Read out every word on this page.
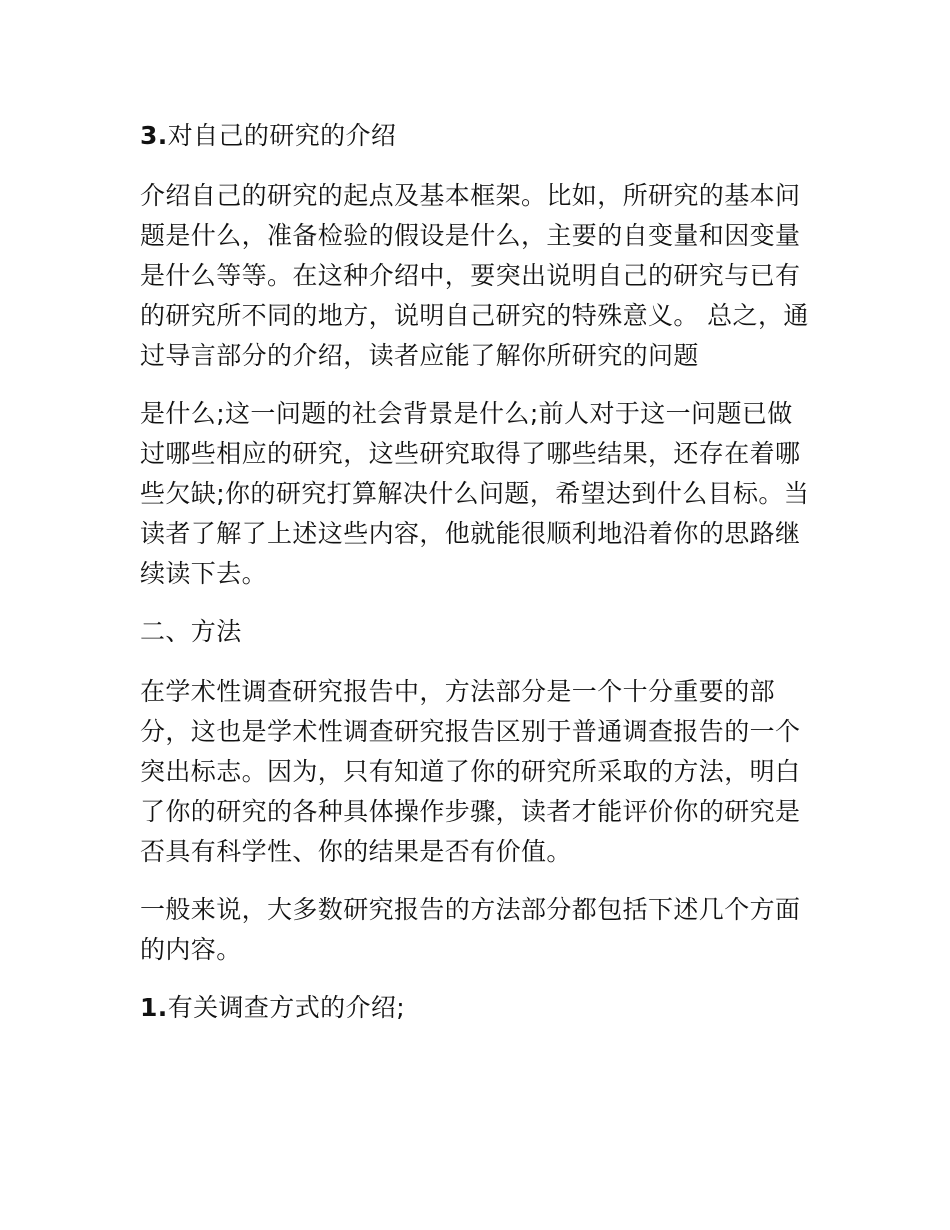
3.对自己的研究的介绍

介绍自己的研究的起点及基本框架。比如，所研究的基本问题是什么，准备检验的假设是什么，主要的自变量和因变量是什么等等。在这种介绍中，要突出说明自己的研究与已有的研究所不同的地方，说明自己研究的特殊意义。 总之，通过导言部分的介绍，读者应能了解你所研究的问题

是什么;这一问题的社会背景是什么;前人对于这一问题已做过哪些相应的研究，这些研究取得了哪些结果，还存在着哪些欠缺;你的研究打算解决什么问题，希望达到什么目标。当读者了解了上述这些内容，他就能很顺利地沿着你的思路继续读下去。

二、方法

在学术性调查研究报告中，方法部分是一个十分重要的部分，这也是学术性调查研究报告区别于普通调查报告的一个突出标志。因为，只有知道了你的研究所采取的方法，明白了你的研究的各种具体操作步骤，读者才能评价你的研究是否具有科学性、你的结果是否有价值。

一般来说，大多数研究报告的方法部分都包括下述几个方面的内容。

1.有关调查方式的介绍;
